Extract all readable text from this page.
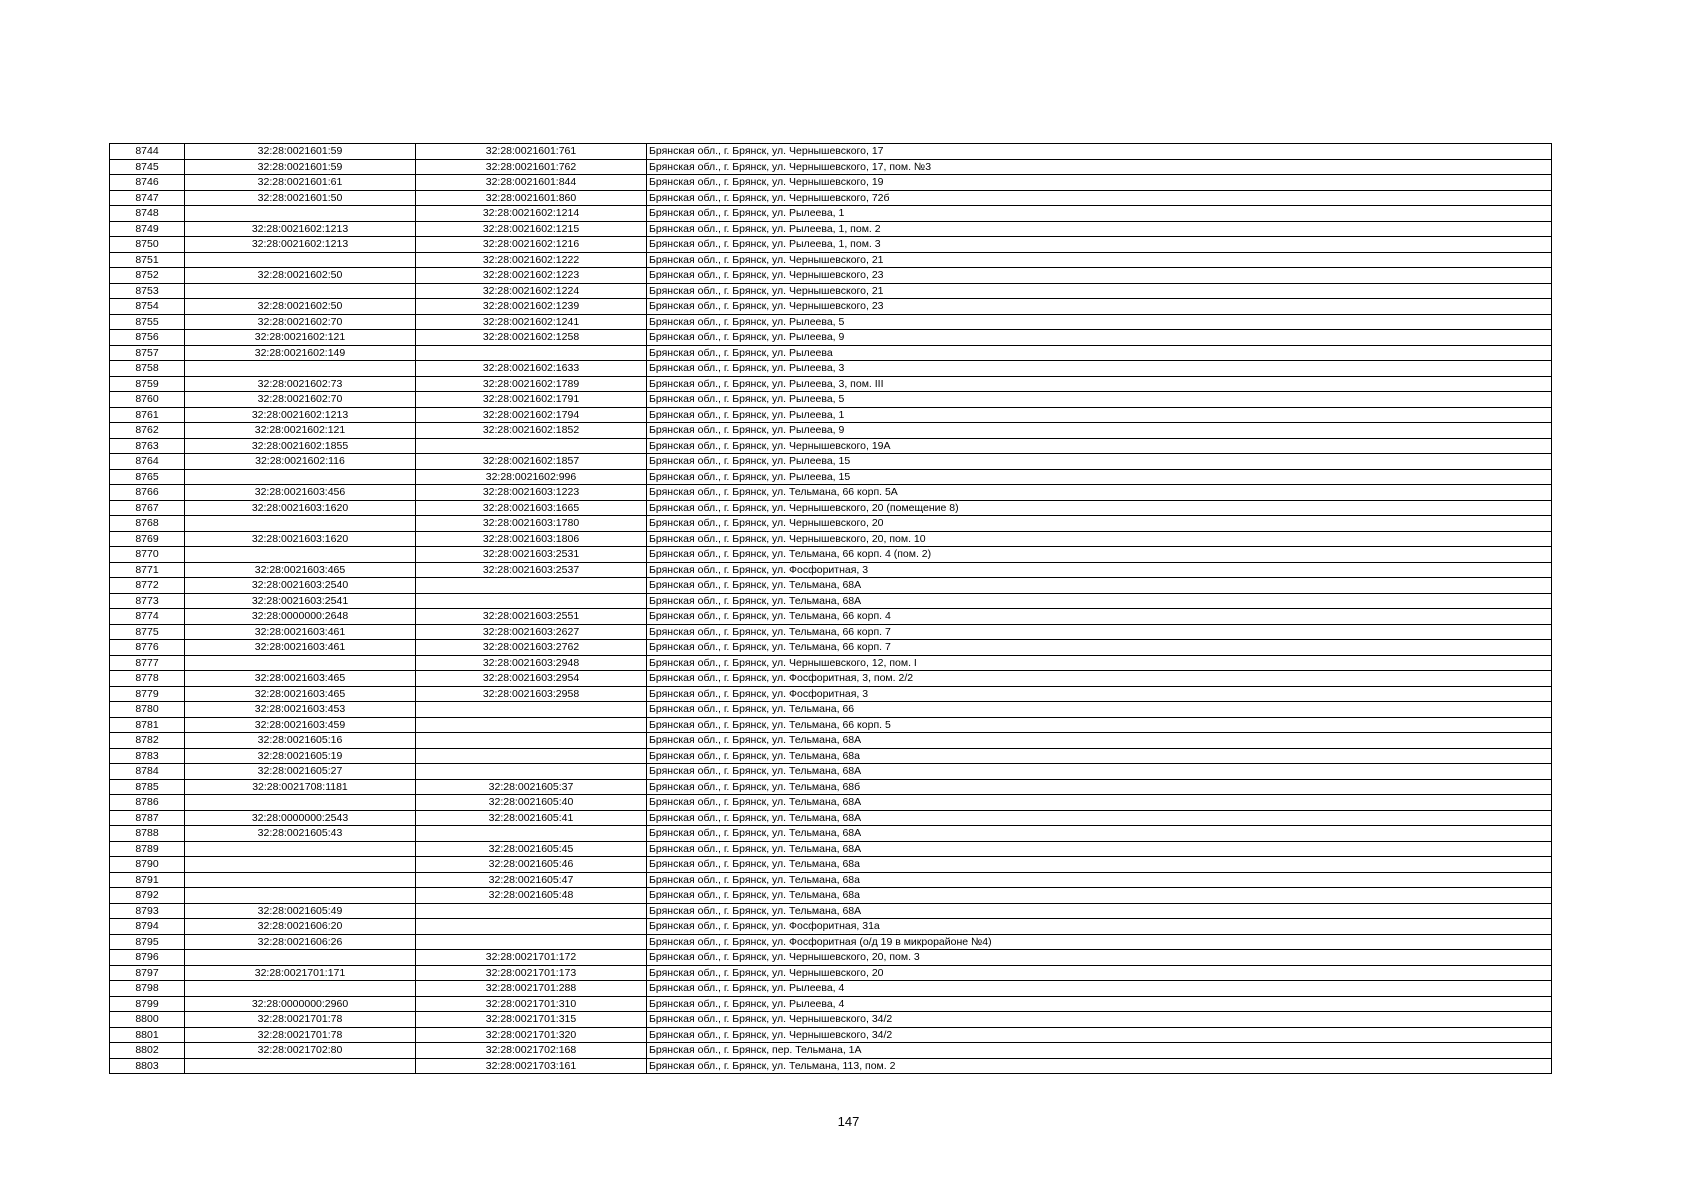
8744	32:28:0021601:59	32:28:0021601:761	Брянская обл., г. Брянск, ул. Чернышевского, 17
8745	32:28:0021601:59	32:28:0021601:762	Брянская обл., г. Брянск, ул. Чернышевского, 17, пом. №3
8746	32:28:0021601:61	32:28:0021601:844	Брянская обл., г. Брянск, ул. Чернышевского, 19
8747	32:28:0021601:50	32:28:0021601:860	Брянская обл., г. Брянск, ул. Чернышевского, 72б
8748		32:28:0021602:1214	Брянская обл., г. Брянск, ул. Рылеева, 1
8749	32:28:0021602:1213	32:28:0021602:1215	Брянская обл., г. Брянск, ул. Рылеева, 1, пом. 2
8750	32:28:0021602:1213	32:28:0021602:1216	Брянская обл., г. Брянск, ул. Рылеева, 1, пом. 3
8751		32:28:0021602:1222	Брянская обл., г. Брянск, ул. Чернышевского, 21
8752	32:28:0021602:50	32:28:0021602:1223	Брянская обл., г. Брянск, ул. Чернышевского, 23
8753		32:28:0021602:1224	Брянская обл., г. Брянск, ул. Чернышевского, 21
8754	32:28:0021602:50	32:28:0021602:1239	Брянская обл., г. Брянск, ул. Чернышевского, 23
8755	32:28:0021602:70	32:28:0021602:1241	Брянская обл., г. Брянск, ул. Рылеева, 5
8756	32:28:0021602:121	32:28:0021602:1258	Брянская обл., г. Брянск, ул. Рылеева, 9
8757	32:28:0021602:149		Брянская обл., г. Брянск, ул. Рылеева
8758		32:28:0021602:1633	Брянская обл., г. Брянск, ул. Рылеева, 3
8759	32:28:0021602:73	32:28:0021602:1789	Брянская обл., г. Брянск, ул. Рылеева, 3, пом. III
8760	32:28:0021602:70	32:28:0021602:1791	Брянская обл., г. Брянск, ул. Рылеева, 5
8761	32:28:0021602:1213	32:28:0021602:1794	Брянская обл., г. Брянск, ул. Рылеева, 1
8762	32:28:0021602:121	32:28:0021602:1852	Брянская обл., г. Брянск, ул. Рылеева, 9
8763	32:28:0021602:1855		Брянская обл., г. Брянск, ул. Чернышевского, 19А
8764	32:28:0021602:116	32:28:0021602:1857	Брянская обл., г. Брянск, ул. Рылеева, 15
8765		32:28:0021602:996	Брянская обл., г. Брянск, ул. Рылеева, 15
8766	32:28:0021603:456	32:28:0021603:1223	Брянская обл., г. Брянск, ул. Тельмана, 66 корп. 5А
8767	32:28:0021603:1620	32:28:0021603:1665	Брянская обл., г. Брянск, ул. Чернышевского, 20 (помещение 8)
8768		32:28:0021603:1780	Брянская обл., г. Брянск, ул. Чернышевского, 20
8769	32:28:0021603:1620	32:28:0021603:1806	Брянская обл., г. Брянск, ул. Чернышевского, 20, пом. 10
8770		32:28:0021603:2531	Брянская обл., г. Брянск, ул. Тельмана, 66 корп. 4 (пом. 2)
8771	32:28:0021603:465	32:28:0021603:2537	Брянская обл., г. Брянск, ул. Фосфоритная, 3
8772	32:28:0021603:2540		Брянская обл., г. Брянск, ул. Тельмана, 68А
8773	32:28:0021603:2541		Брянская обл., г. Брянск, ул. Тельмана, 68А
8774	32:28:0000000:2648	32:28:0021603:2551	Брянская обл., г. Брянск, ул. Тельмана, 66 корп. 4
8775	32:28:0021603:461	32:28:0021603:2627	Брянская обл., г. Брянск, ул. Тельмана, 66 корп. 7
8776	32:28:0021603:461	32:28:0021603:2762	Брянская обл., г. Брянск, ул. Тельмана, 66 корп. 7
8777		32:28:0021603:2948	Брянская обл., г. Брянск, ул. Чернышевского, 12, пом. I
8778	32:28:0021603:465	32:28:0021603:2954	Брянская обл., г. Брянск, ул. Фосфоритная, 3, пом. 2/2
8779	32:28:0021603:465	32:28:0021603:2958	Брянская обл., г. Брянск, ул. Фосфоритная, 3
8780	32:28:0021603:453		Брянская обл., г. Брянск, ул. Тельмана, 66
8781	32:28:0021603:459		Брянская обл., г. Брянск, ул. Тельмана, 66 корп. 5
8782	32:28:0021605:16		Брянская обл., г. Брянск, ул. Тельмана, 68А
8783	32:28:0021605:19		Брянская обл., г. Брянск, ул. Тельмана, 68а
8784	32:28:0021605:27		Брянская обл., г. Брянск, ул. Тельмана, 68А
8785	32:28:0021708:1181	32:28:0021605:37	Брянская обл., г. Брянск, ул. Тельмана, 68б
8786		32:28:0021605:40	Брянская обл., г. Брянск, ул. Тельмана, 68А
8787	32:28:0000000:2543	32:28:0021605:41	Брянская обл., г. Брянск, ул. Тельмана, 68А
8788	32:28:0021605:43		Брянская обл., г. Брянск, ул. Тельмана, 68А
8789		32:28:0021605:45	Брянская обл., г. Брянск, ул. Тельмана, 68А
8790		32:28:0021605:46	Брянская обл., г. Брянск, ул. Тельмана, 68а
8791		32:28:0021605:47	Брянская обл., г. Брянск, ул. Тельмана, 68а
8792		32:28:0021605:48	Брянская обл., г. Брянск, ул. Тельмана, 68а
8793	32:28:0021605:49		Брянская обл., г. Брянск, ул. Тельмана, 68А
8794	32:28:0021606:20		Брянская обл., г. Брянск, ул. Фосфоритная, 31а
8795	32:28:0021606:26		Брянская обл., г. Брянск, ул. Фосфоритная (о/д 19 в микрорайоне №4)
8796		32:28:0021701:172	Брянская обл., г. Брянск, ул. Чернышевского, 20, пом. 3
8797	32:28:0021701:171	32:28:0021701:173	Брянская обл., г. Брянск, ул. Чернышевского, 20
8798		32:28:0021701:288	Брянская обл., г. Брянск, ул. Рылеева, 4
8799	32:28:0000000:2960	32:28:0021701:310	Брянская обл., г. Брянск, ул. Рылеева, 4
8800	32:28:0021701:78	32:28:0021701:315	Брянская обл., г. Брянск, ул. Чернышевского, 34/2
8801	32:28:0021701:78	32:28:0021701:320	Брянская обл., г. Брянск, ул. Чернышевского, 34/2
8802	32:28:0021702:80	32:28:0021702:168	Брянская обл., г. Брянск, пер. Тельмана, 1А
8803		32:28:0021703:161	Брянская обл., г. Брянск, ул. Тельмана, 113, пом. 2
147
